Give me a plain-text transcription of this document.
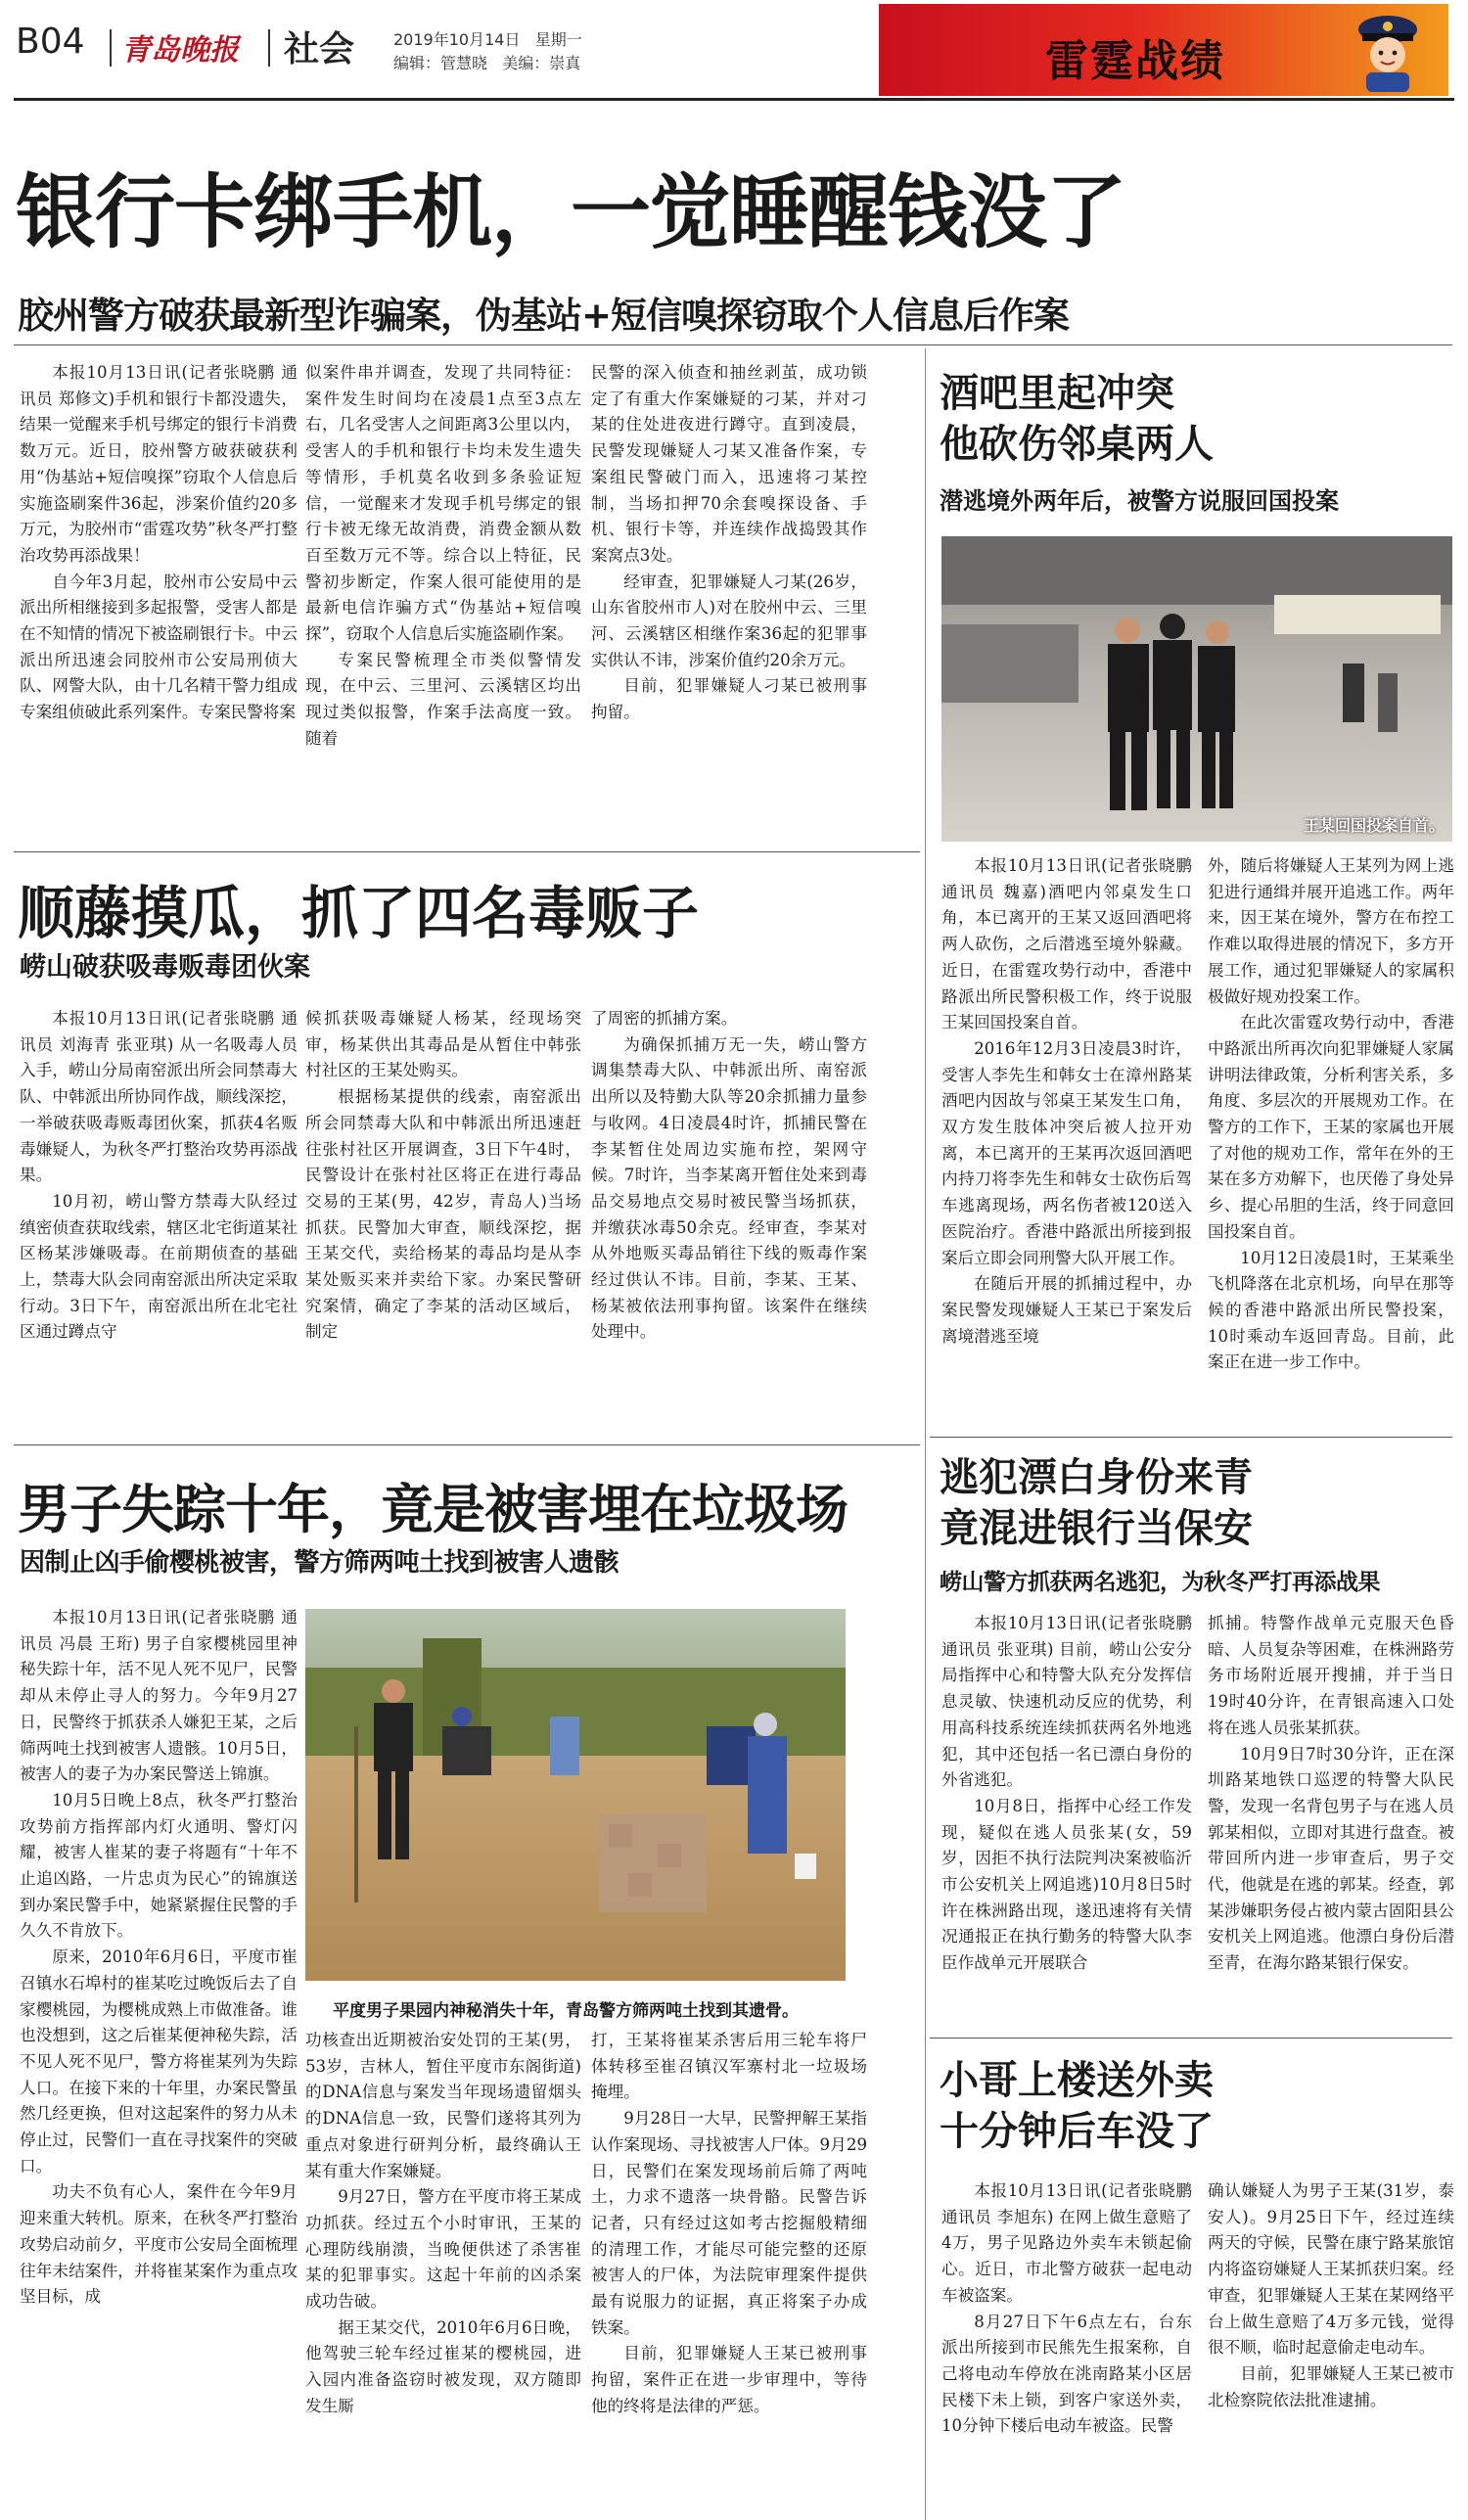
B04 青岛晚报 社会 2019年10月14日 星期一
编辑：管慧晓 美编：崇真	雷霆战绩
银行卡绑手机，一觉睡醒钱没了
胶州警方破获最新型诈骗案，伪基站+短信嗅探窃取个人信息后作案

本报10月13日讯(记者张晓鹏 通讯员 郑修文)手机和银行卡都没遗失，结果一觉醒来手机号绑定的银行卡消费数万元。近日，胶州警方破获破获利用“伪基站+短信嗅探”窃取个人信息后实施盗刷案件36起，涉案价值约20多万元，为胶州市“雷霆攻势”秋冬严打整治攻势再添战果！

自今年3月起，胶州市公安局中云派出所相继接到多起报警，受害人都是在不知情的情况下被盗刷银行卡。中云派出所迅速会同胶州市公安局刑侦大队、网警大队，由十几名精干警力组成专案组侦破此系列案件。专案民警将案

似案件串并调查，发现了共同特征：案件发生时间均在凌晨1点至3点左右，几名受害人之间距离3公里以内，受害人的手机和银行卡均未发生遗失等情形，手机莫名收到多条验证短信，一觉醒来才发现手机号绑定的银行卡被无缘无故消费，消费金额从数百至数万元不等。综合以上特征，民警初步断定，作案人很可能使用的是最新电信诈骗方式“伪基站+短信嗅探”，窃取个人信息后实施盗刷作案。

专案民警梳理全市类似警情发现，在中云、三里河、云溪辖区均出现过类似报警，作案手法高度一致。随着

民警的深入侦查和抽丝剥茧，成功锁定了有重大作案嫌疑的刁某，并对刁某的住处进夜进行蹲守。直到凌晨，民警发现嫌疑人刁某又准备作案，专案组民警破门而入，迅速将刁某控制，当场扣押70余套嗅探设备、手机、银行卡等，并连续作战捣毁其作案窝点3处。

经审查，犯罪嫌疑人刁某(26岁，山东省胶州市人)对在胶州中云、三里河、云溪辖区相继作案36起的犯罪事实供认不讳，涉案价值约20余万元。

目前，犯罪嫌疑人刁某已被刑事拘留。

顺藤摸瓜，抓了四名毒贩子
崂山破获吸毒贩毒团伙案

本报10月13日讯(记者张晓鹏 通讯员 刘海青 张亚琪) 从一名吸毒人员入手，崂山分局南窑派出所会同禁毒大队、中韩派出所协同作战，顺线深挖，一举破获吸毒贩毒团伙案，抓获4名贩毒嫌疑人，为秋冬严打整治攻势再添战果。

10月初，崂山警方禁毒大队经过缜密侦查获取线索，辖区北宅街道某社区杨某涉嫌吸毒。在前期侦查的基础上，禁毒大队会同南窑派出所决定采取行动。3日下午，南窑派出所在北宅社区通过蹲点守

候抓获吸毒嫌疑人杨某，经现场突审，杨某供出其毒品是从暂住中韩张村社区的王某处购买。

根据杨某提供的线索，南窑派出所会同禁毒大队和中韩派出所迅速赶往张村社区开展调查，3日下午4时，民警设计在张村社区将正在进行毒品交易的王某(男，42岁，青岛人)当场抓获。民警加大审查，顺线深挖，据王某交代，卖给杨某的毒品均是从李某处贩买来并卖给下家。办案民警研究案情，确定了李某的活动区域后，制定

了周密的抓捕方案。

为确保抓捕万无一失，崂山警方调集禁毒大队、中韩派出所、南窑派出所以及特勤大队等20余抓捕力量参与收网。4日凌晨4时许，抓捕民警在李某暂住处周边实施布控，架网守候。7时许，当李某离开暂住处来到毒品交易地点交易时被民警当场抓获，并缴获冰毒50余克。经审查，李某对从外地贩买毒品销往下线的贩毒作案经过供认不讳。目前，李某、王某、杨某被依法刑事拘留。该案件在继续处理中。

男子失踪十年，竟是被害埋在垃圾场
因制止凶手偷樱桃被害，警方筛两吨土找到被害人遗骸

本报10月13日讯(记者张晓鹏 通讯员 冯晨 王珩) 男子自家樱桃园里神秘失踪十年，活不见人死不见尸，民警却从未停止寻人的努力。今年9月27日，民警终于抓获杀人嫌犯王某，之后筛两吨土找到被害人遗骸。10月5日，被害人的妻子为办案民警送上锦旗。

10月5日晚上8点，秋冬严打整治攻势前方指挥部内灯火通明、警灯闪耀，被害人崔某的妻子将题有“十年不止追凶路，一片忠贞为民心”的锦旗送到办案民警手中，她紧紧握住民警的手久久不肯放下。

原来，2010年6月6日，平度市崔召镇水石埠村的崔某吃过晚饭后去了自家樱桃园，为樱桃成熟上市做准备。谁也没想到，这之后崔某便神秘失踪，活不见人死不见尸，警方将崔某列为失踪人口。在接下来的十年里，办案民警虽然几经更换，但对这起案件的努力从未停止过，民警们一直在寻找案件的突破口。

功夫不负有心人，案件在今年9月迎来重大转机。原来，在秋冬严打整治攻势启动前夕，平度市公安局全面梳理往年未结案件，并将崔某案作为重点攻坚目标，成

平度男子果园内神秘消失十年，青岛警方筛两吨土找到其遗骨。

功核查出近期被治安处罚的王某(男，53岁，吉林人，暂住平度市东阁街道)的DNA信息与案发当年现场遗留烟头的DNA信息一致，民警们遂将其列为重点对象进行研判分析，最终确认王某有重大作案嫌疑。

9月27日，警方在平度市将王某成功抓获。经过五个小时审讯，王某的心理防线崩溃，当晚便供述了杀害崔某的犯罪事实。这起十年前的凶杀案成功告破。

据王某交代，2010年6月6日晚，他驾驶三轮车经过崔某的樱桃园，进入园内准备盗窃时被发现，双方随即发生厮

打，王某将崔某杀害后用三轮车将尸体转移至崔召镇汉军寨村北一垃圾场掩埋。

9月28日一大早，民警押解王某指认作案现场、寻找被害人尸体。9月29日，民警们在案发现场前后筛了两吨土，力求不遗落一块骨骼。民警告诉记者，只有经过这如考古挖掘般精细的清理工作，才能尽可能完整的还原被害人的尸体，为法院审理案件提供最有说服力的证据，真正将案子办成铁案。

目前，犯罪嫌疑人王某已被刑事拘留，案件正在进一步审理中，等待他的终将是法律的严惩。

酒吧里起冲突
他砍伤邻桌两人
潜逃境外两年后，被警方说服回国投案
王某回国投案自首。

本报10月13日讯(记者张晓鹏 通讯员 魏嘉)酒吧内邻桌发生口角，本已离开的王某又返回酒吧将两人砍伤，之后潜逃至境外躲藏。近日，在雷霆攻势行动中，香港中路派出所民警积极工作，终于说服王某回国投案自首。

2016年12月3日凌晨3时许，受害人李先生和韩女士在漳州路某酒吧内因故与邻桌王某发生口角，双方发生肢体冲突后被人拉开劝离，本已离开的王某再次返回酒吧内持刀将李先生和韩女士砍伤后驾车逃离现场，两名伤者被120送入医院治疗。香港中路派出所接到报案后立即会同刑警大队开展工作。

在随后开展的抓捕过程中，办案民警发现嫌疑人王某已于案发后离境潜逃至境

外，随后将嫌疑人王某列为网上逃犯进行通缉并展开追逃工作。两年来，因王某在境外，警方在布控工作难以取得进展的情况下，多方开展工作，通过犯罪嫌疑人的家属积极做好规劝投案工作。

在此次雷霆攻势行动中，香港中路派出所再次向犯罪嫌疑人家属讲明法律政策，分析利害关系，多角度、多层次的开展规劝工作。在警方的工作下，王某的家属也开展了对他的规劝工作，常年在外的王某在多方劝解下，也厌倦了身处异乡、提心吊胆的生活，终于同意回国投案自首。

10月12日凌晨1时，王某乘坐飞机降落在北京机场，向早在那等候的香港中路派出所民警投案，10时乘动车返回青岛。目前，此案正在进一步工作中。

逃犯漂白身份来青
竟混进银行当保安
崂山警方抓获两名逃犯，为秋冬严打再添战果

本报10月13日讯(记者张晓鹏 通讯员 张亚琪) 目前，崂山公安分局指挥中心和特警大队充分发挥信息灵敏、快速机动反应的优势，利用高科技系统连续抓获两名外地逃犯，其中还包括一名已漂白身份的外省逃犯。

10月8日，指挥中心经工作发现，疑似在逃人员张某(女，59岁，因拒不执行法院判决案被临沂市公安机关上网追逃)10月8日5时许在株洲路出现，遂迅速将有关情况通报正在执行勤务的特警大队李臣作战单元开展联合

抓捕。特警作战单元克服天色昏暗、人员复杂等困难，在株洲路劳务市场附近展开搜捕，并于当日19时40分许，在青银高速入口处将在逃人员张某抓获。

10月9日7时30分许，正在深圳路某地铁口巡逻的特警大队民警，发现一名背包男子与在逃人员郭某相似，立即对其进行盘查。被带回所内进一步审查后，男子交代，他就是在逃的郭某。经查，郭某涉嫌职务侵占被内蒙古固阳县公安机关上网追逃。他漂白身份后潜至青，在海尔路某银行保安。

小哥上楼送外卖
十分钟后车没了

本报10月13日讯(记者张晓鹏 通讯员 李旭东) 在网上做生意赔了4万，男子见路边外卖车未锁起偷心。近日，市北警方破获一起电动车被盗案。

8月27日下午6点左右，台东派出所接到市民熊先生报案称，自己将电动车停放在洮南路某小区居民楼下未上锁，到客户家送外卖，10分钟下楼后电动车被盗。民警

确认嫌疑人为男子王某(31岁，泰安人)。9月25日下午，经过连续两天的守候，民警在康宁路某旅馆内将盗窃嫌疑人王某抓获归案。经审查，犯罪嫌疑人王某在某网络平台上做生意赔了4万多元钱，觉得很不顺，临时起意偷走电动车。

目前，犯罪嫌疑人王某已被市北检察院依法批准逮捕。
